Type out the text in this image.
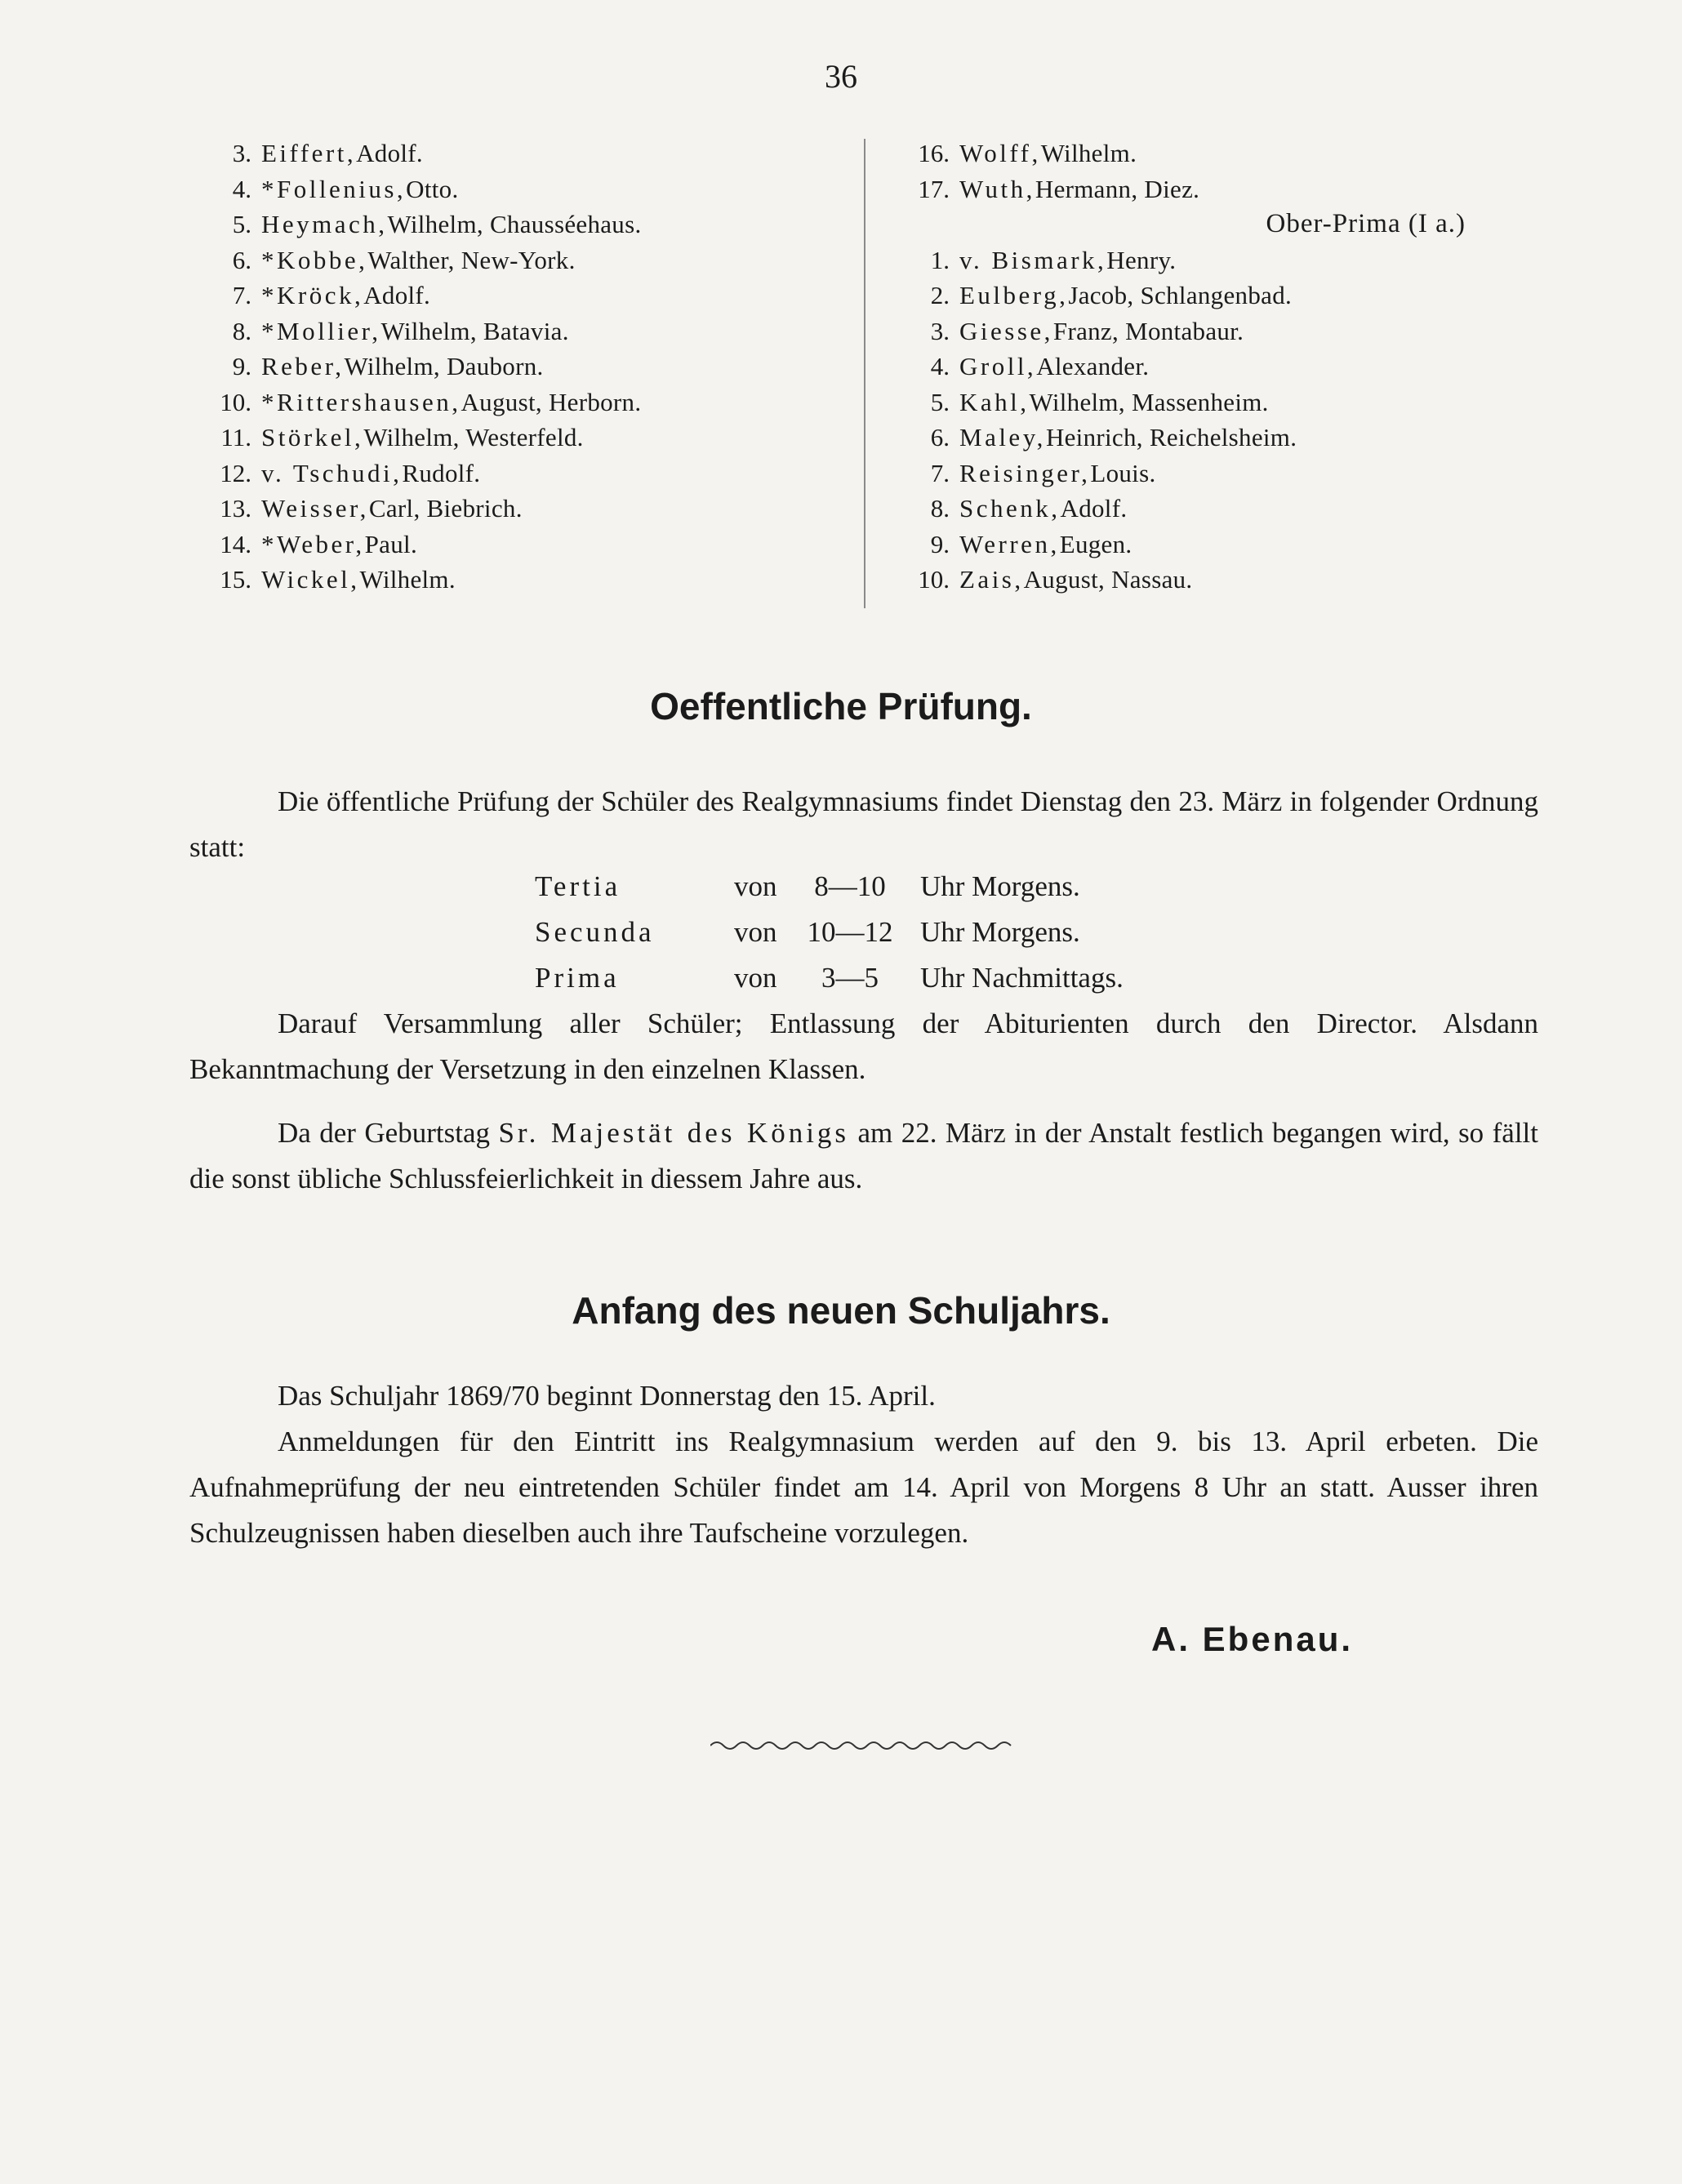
36
3. Eiffert, Adolf.
4. *Follenius, Otto.
5. Heymach, Wilhelm, Chausséehaus.
6. *Kobbe, Walther, New-York.
7. *Kröck, Adolf.
8. *Mollier, Wilhelm, Batavia.
9. Reber, Wilhelm, Dauborn.
10. *Rittershausen, August, Herborn.
11. Störkel, Wilhelm, Westerfeld.
12. v. Tschudi, Rudolf.
13. Weisser, Carl, Biebrich.
14. *Weber, Paul.
15. Wickel, Wilhelm.
16. Wolff, Wilhelm.
17. Wuth, Hermann, Diez.
Ober-Prima (I a.)
1. v. Bismark, Henry.
2. Eulberg, Jacob, Schlangenbad.
3. Giesse, Franz, Montabaur.
4. Groll, Alexander.
5. Kahl, Wilhelm, Massenheim.
6. Maley, Heinrich, Reichelsheim.
7. Reisinger, Louis.
8. Schenk, Adolf.
9. Werren, Eugen.
10. Zais, August, Nassau.
Oeffentliche Prüfung.

Die öffentliche Prüfung der Schüler des Realgymnasiums findet Dienstag den 23. März in folgender Ordnung statt:

Tertia	von	8—10	Uhr Morgens.
Secunda	von	10—12 Uhr Morgens.
Prima	von	3—5	Uhr Nachmittags.

Darauf Versammlung aller Schüler; Entlassung der Abiturienten durch den Director. Alsdann Bekanntmachung der Versetzung in den einzelnen Klassen.

Da der Geburtstag Sr. Majestät des Königs am 22. März in der Anstalt festlich begangen wird, so fällt die sonst übliche Schlussfeierlichkeit in diessem Jahre aus.

Anfang des neuen Schuljahrs.

Das Schuljahr 1869/70 beginnt Donnerstag den 15. April.

Anmeldungen für den Eintritt ins Realgymnasium werden auf den 9. bis 13. April erbeten. Die Aufnahmeprüfung der neu eintretenden Schüler findet am 14. April von Morgens 8 Uhr an statt. Ausser ihren Schulzeugnissen haben dieselben auch ihre Taufscheine vorzulegen.

A. Ebenau.
